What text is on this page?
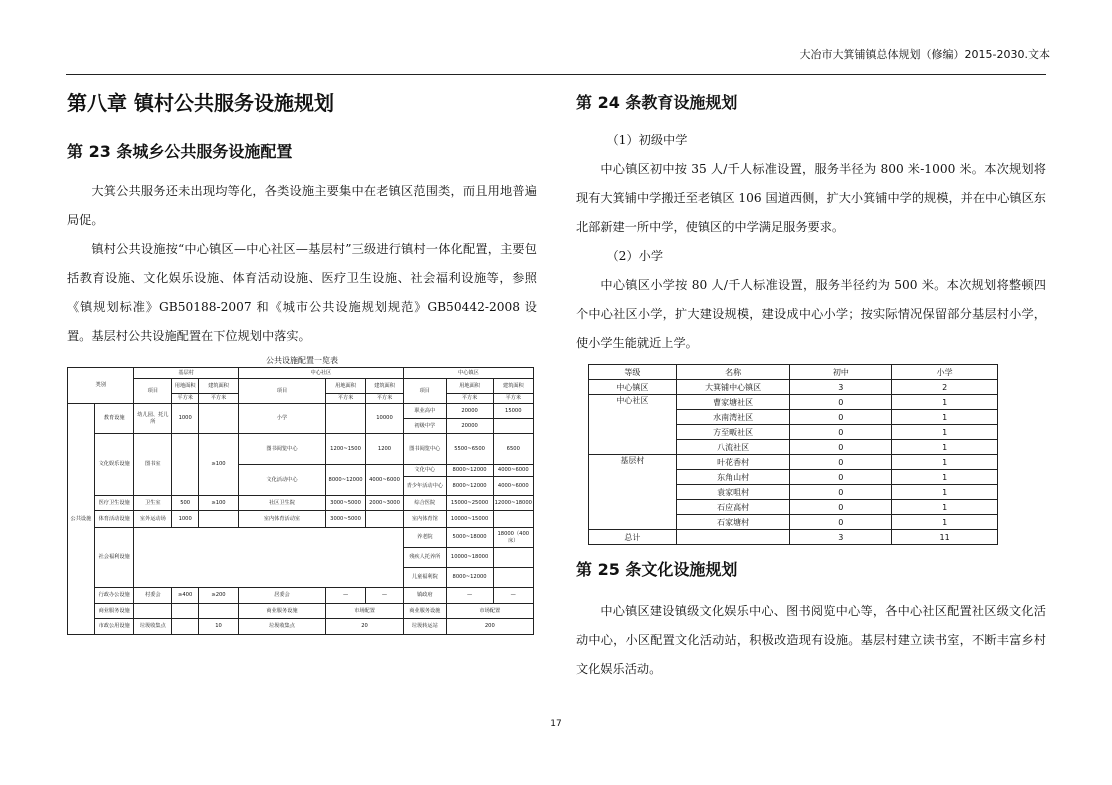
大冶市大箕铺镇总体规划（修编）2015-2030.文本
第八章 镇村公共服务设施规划
第 23 条城乡公共服务设施配置

大箕公共服务还未出现均等化，各类设施主要集中在老镇区范围类，而且用地普遍局促。

镇村公共设施按“中心镇区—中心社区—基层村”三级进行镇村一体化配置，主要包括教育设施、文化娱乐设施、体育活动设施、医疗卫生设施、社会福利设施等，参照《镇规划标准》GB50188-2007 和《城市公共设施规划规范》GB50442-2008 设置。基层村公共设施配置在下位规划中落实。

公共设施配置一览表
类别		基层村			中心社区			中心镇区		
		项目	用地面积	建筑面积	项目	用地面积	建筑面积	项目	用地面积	建筑面积
			平方米	平方米		平方米	平方米		平方米	平方米
公共设施	教育设施	幼儿园、托儿所	1000		小学		10000	职业高中	20000	15000
								初级中学	20000	
	文化娱乐设施	图书室		≥100	图书阅览中心	1200~1500	1200	图书阅览中心	5500~6500	6500
					文化活动中心	8000~12000	4000~6000	文化中心	8000~12000	4000~6000
								青少年活动中心	8000~12000	4000~6000
	医疗卫生设施	卫生室	500	≥100	社区卫生院	3000~5000	2000~3000	综合医院	15000~25000	12000~18000
	体育活动设施	室外运动场	1000		室内体育活动室	3000~5000		室内体育馆	10000~15000	
	社会福利设施							养老院	5000~18000	18000（400 床）
								残疾人托养所	10000~18000	
								儿童福利院	8000~12000	
	行政办公设施	村委会	≥400	≥200	居委会	—	—	镇政府	—	—
	商业服务设施				商业服务设施	市场配置		商业服务设施	市场配置	
	市政公用设施	垃圾收集点		10	垃圾收集点	20		垃圾转运站	200	
第 24 条教育设施规划

（1）初级中学

中心镇区初中按 35 人/千人标准设置，服务半径为 800 米-1000 米。本次规划将现有大箕铺中学搬迁至老镇区 106 国道西侧，扩大小箕铺中学的规模，并在中心镇区东北部新建一所中学，使镇区的中学满足服务要求。

（2）小学

中心镇区小学按 80 人/千人标准设置，服务半径约为 500 米。本次规划将整顿四个中心社区小学，扩大建设规模，建设成中心小学；按实际情况保留部分基层村小学，使小学生能就近上学。

等级	名称	初中	小学
中心镇区	大箕铺中心镇区	3	2
中心社区	曹家塘社区	0	1
	水南湾社区	0	1
	方至畈社区	0	1
	八流社区	0	1
基层村	叶花香村	0	1
	东角山村	0	1
	袁家咀村	0	1
	石应高村	0	1
	石家塘村	0	1
总计		3	11
第 25 条文化设施规划

中心镇区建设镇级文化娱乐中心、图书阅览中心等，各中心社区配置社区级文化活动中心，小区配置文化活动站，积极改造现有设施。基层村建立读书室，不断丰富乡村文化娱乐活动。

17
